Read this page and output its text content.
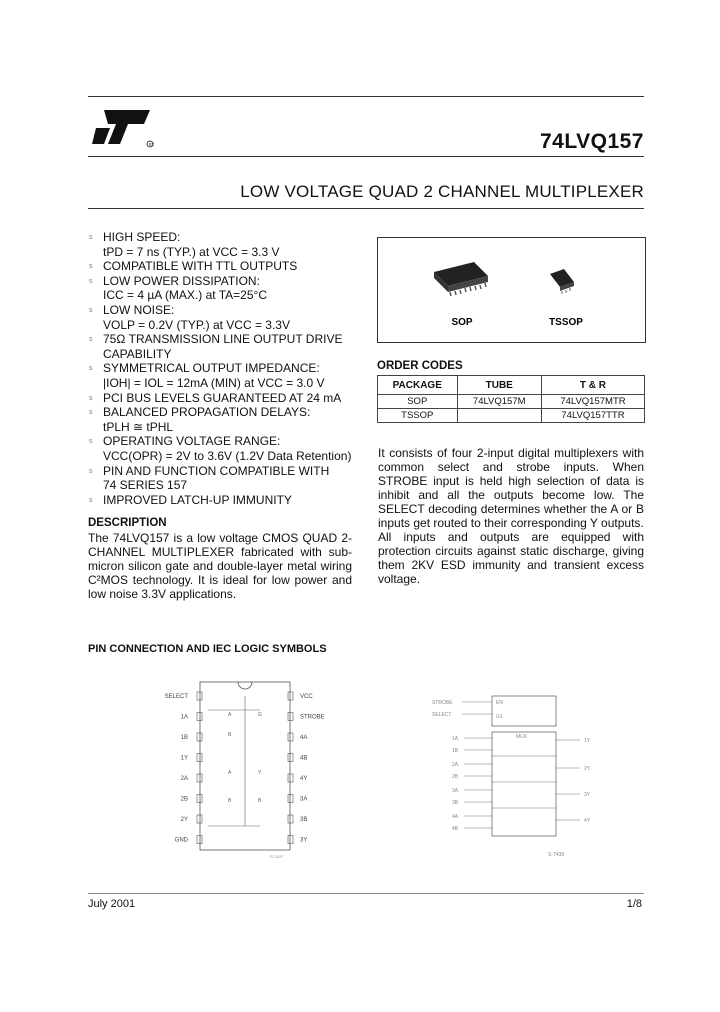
ST	74LVQ157
LOW VOLTAGE QUAD 2 CHANNEL MULTIPLEXER
s HIGH SPEED:
tPD = 7 ns (TYP.) at VCC = 3.3 V
s COMPATIBLE WITH TTL OUTPUTS
s LOW POWER DISSIPATION:
ICC = 4 µA (MAX.) at TA=25°C
s LOW NOISE:
VOLP = 0.2V (TYP.) at VCC = 3.3V
s 75Ω TRANSMISSION LINE OUTPUT DRIVE CAPABILITY
s SYMMETRICAL OUTPUT IMPEDANCE:
|IOH| = IOL = 12mA (MIN) at VCC = 3.0 V
s PCI BUS LEVELS GUARANTEED AT 24 mA
s BALANCED PROPAGATION DELAYS:
tPLH ≅ tPHL
s OPERATING VOLTAGE RANGE:
VCC(OPR) = 2V to 3.6V (1.2V Data Retention)
s PIN AND FUNCTION COMPATIBLE WITH
74 SERIES 157
s IMPROVED LATCH-UP IMMUNITY
SOP	TSSOP
ORDER CODES
PACKAGE	TUBE	T & R
SOP	74LVQ157M	74LVQ157MTR
TSSOP		74LVQ157TTR
DESCRIPTION
The 74LVQ157 is a low voltage CMOS QUAD 2-CHANNEL MULTIPLEXER fabricated with sub-micron silicon gate and double-layer metal wiring C²MOS technology. It is ideal for low power and low noise 3.3V applications.
It consists of four 2-input digital multiplexers with common select and strobe inputs. When STROBE input is held high selection of data is inhibit and all the outputs become low. The SELECT decoding determines whether the A or B inputs get routed to their corresponding Y outputs.
All inputs and outputs are equipped with protection circuits against static discharge, giving them 2KV ESD immunity and transient excess voltage.
PIN CONNECTION AND IEC LOGIC SYMBOLS
SELECT
1A
1B
1Y
2A
2B
2Y
GND
VCC
STROBE
4A
4B
4Y
3A
3B
3Y
A
B
A
B
G
Y
B
S-7437
STROBE
SELECT
1A
1B
2A
2B
3A
3B
4A
4B
1Y
2Y
3Y
4Y
EN
G1
MUX
S-7438
July 2001	1/8
